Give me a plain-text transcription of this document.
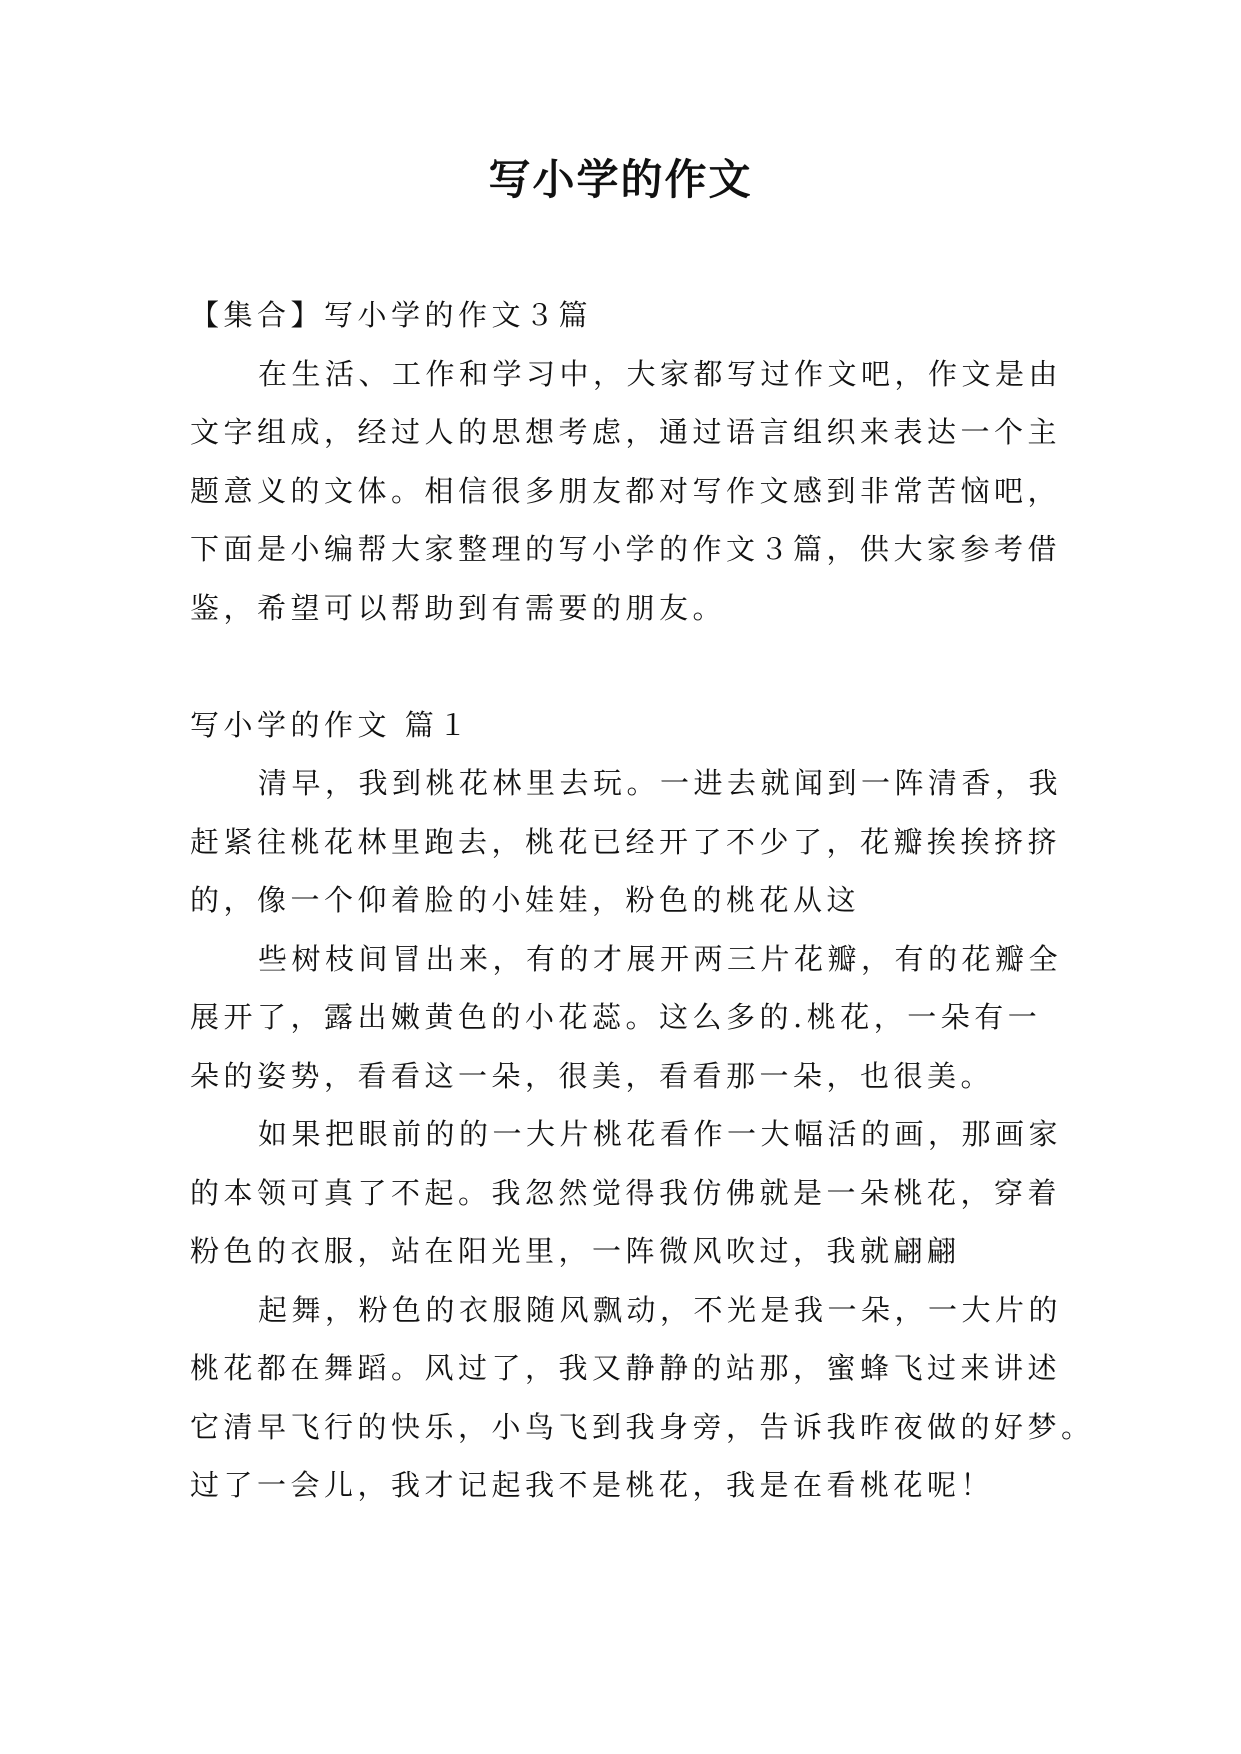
写小学的作文
【集合】写小学的作文３篇
在生活、工作和学习中，大家都写过作文吧，作文是由
文字组成，经过人的思想考虑，通过语言组织来表达一个主
题意义的文体。相信很多朋友都对写作文感到非常苦恼吧，
下面是小编帮大家整理的写小学的作文３篇，供大家参考借
鉴，希望可以帮助到有需要的朋友。
写小学的作文 篇１
清早，我到桃花林里去玩。一进去就闻到一阵清香，我
赶紧往桃花林里跑去，桃花已经开了不少了，花瓣挨挨挤挤
的，像一个仰着脸的小娃娃，粉色的桃花从这
些树枝间冒出来，有的才展开两三片花瓣，有的花瓣全
展开了，露出嫩黄色的小花蕊。这么多的.桃花，一朵有一
朵的姿势，看看这一朵，很美，看看那一朵，也很美。
如果把眼前的的一大片桃花看作一大幅活的画，那画家
的本领可真了不起。我忽然觉得我仿佛就是一朵桃花，穿着
粉色的衣服，站在阳光里，一阵微风吹过，我就翩翩
起舞，粉色的衣服随风飘动，不光是我一朵，一大片的
桃花都在舞蹈。风过了，我又静静的站那，蜜蜂飞过来讲述
它清早飞行的快乐，小鸟飞到我身旁，告诉我昨夜做的好梦。
过了一会儿，我才记起我不是桃花，我是在看桃花呢！
